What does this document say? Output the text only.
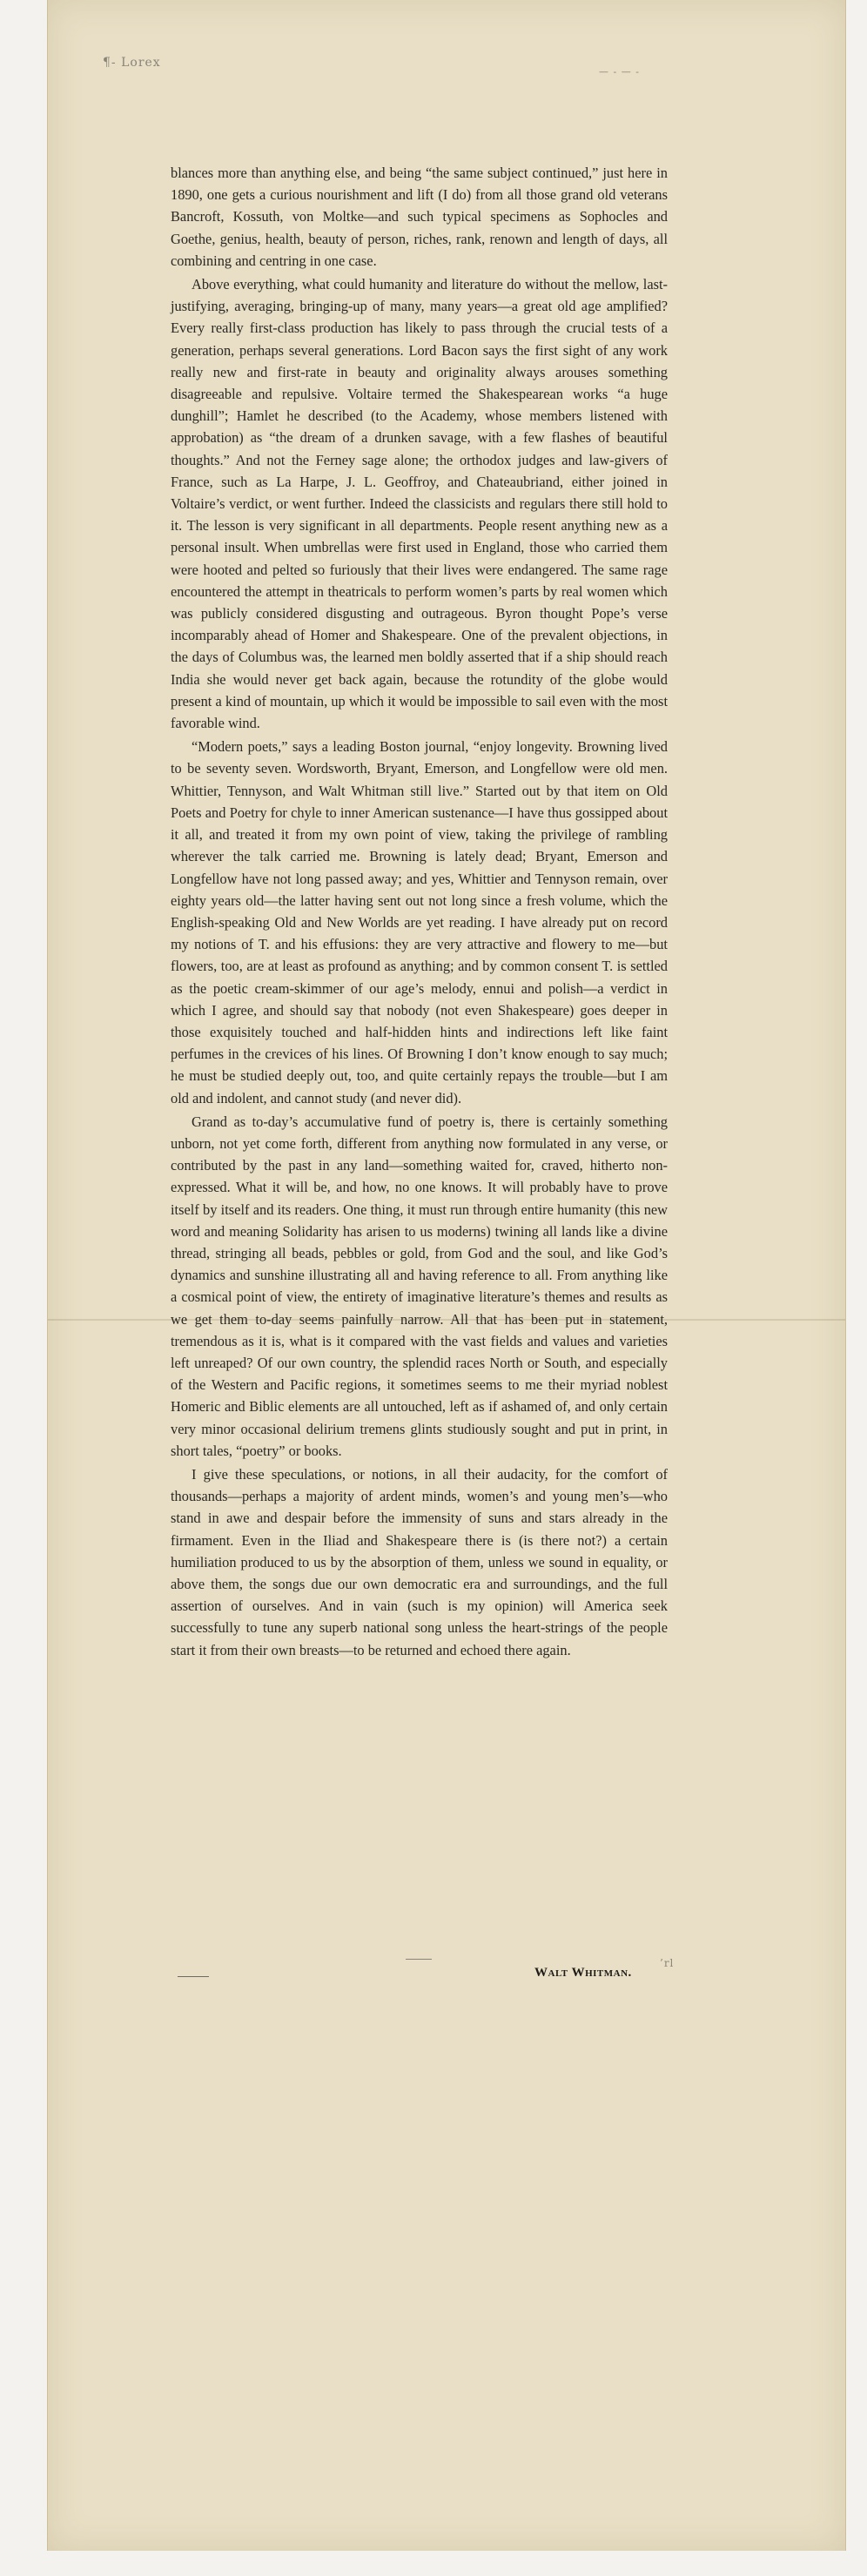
¶- Lorex
— - — -

blances more than anything else, and being “the same subject continued,” just here in 1890, one gets a curious nourishment and lift (I do) from all those grand old veterans Bancroft, Kossuth, von Moltke—and such typical specimens as Sophocles and Goethe, genius, health, beauty of person, riches, rank, renown and length of days, all combining and centring in one case.

Above everything, what could humanity and literature do without the mellow, last-justifying, averaging, bringing-up of many, many years—a great old age amplified? Every really first-class production has likely to pass through the crucial tests of a generation, perhaps several generations. Lord Bacon says the first sight of any work really new and first-rate in beauty and originality always arouses something disagreeable and repulsive. Voltaire termed the Shakespearean works “a huge dunghill”; Hamlet he described (to the Academy, whose members listened with approbation) as “the dream of a drunken savage, with a few flashes of beautiful thoughts.” And not the Ferney sage alone; the orthodox judges and law-givers of France, such as La Harpe, J. L. Geoffroy, and Chateaubriand, either joined in Voltaire’s verdict, or went further. Indeed the classicists and regulars there still hold to it. The lesson is very significant in all departments. People resent anything new as a personal insult. When umbrellas were first used in England, those who carried them were hooted and pelted so furiously that their lives were endangered. The same rage encountered the attempt in theatricals to perform women’s parts by real women which was publicly considered disgusting and outrageous. Byron thought Pope’s verse incomparably ahead of Homer and Shakespeare. One of the prevalent objections, in the days of Columbus was, the learned men boldly asserted that if a ship should reach India she would never get back again, because the rotundity of the globe would present a kind of mountain, up which it would be impossible to sail even with the most favorable wind.

“Modern poets,” says a leading Boston journal, “enjoy longevity. Browning lived to be seventy seven. Wordsworth, Bryant, Emerson, and Longfellow were old men. Whittier, Tennyson, and Walt Whitman still live.” Started out by that item on Old Poets and Poetry for chyle to inner American sustenance—I have thus gossipped about it all, and treated it from my own point of view, taking the privilege of rambling wherever the talk carried me. Browning is lately dead; Bryant, Emerson and Longfellow have not long passed away; and yes, Whittier and Tennyson remain, over eighty years old—the latter having sent out not long since a fresh volume, which the English-speaking Old and New Worlds are yet reading. I have already put on record my notions of T. and his effusions: they are very attractive and flowery to me—but flowers, too, are at least as profound as anything; and by common consent T. is settled as the poetic cream-skimmer of our age’s melody, ennui and polish—a verdict in which I agree, and should say that nobody (not even Shakespeare) goes deeper in those exquisitely touched and half-hidden hints and indirections left like faint perfumes in the crevices of his lines. Of Browning I don’t know enough to say much; he must be studied deeply out, too, and quite certainly repays the trouble—but I am old and indolent, and cannot study (and never did).

Grand as to-day’s accumulative fund of poetry is, there is certainly something unborn, not yet come forth, different from anything now formulated in any verse, or contributed by the past in any land—something waited for, craved, hitherto non-expressed. What it will be, and how, no one knows. It will probably have to prove itself by itself and its readers. One thing, it must run through entire humanity (this new word and meaning Solidarity has arisen to us moderns) twining all lands like a divine thread, stringing all beads, pebbles or gold, from God and the soul, and like God’s dynamics and sunshine illustrating all and having reference to all. From anything like a cosmical point of view, the entirety of imaginative literature’s themes and results as we get them to-day seems painfully narrow. All that has been put in statement, tremendous as it is, what is it compared with the vast fields and values and varieties left unreaped? Of our own country, the splendid races North or South, and especially of the Western and Pacific regions, it sometimes seems to me their myriad noblest Homeric and Biblic elements are all untouched, left as if ashamed of, and only certain very minor occasional delirium tremens glints studiously sought and put in print, in short tales, “poetry” or books.

I give these speculations, or notions, in all their audacity, for the comfort of thousands—perhaps a majority of ardent minds, women’s and young men’s—who stand in awe and despair before the immensity of suns and stars already in the firmament. Even in the Iliad and Shakespeare there is (is there not?) a certain humiliation produced to us by the absorption of them, unless we sound in equality, or above them, the songs due our own democratic era and surroundings, and the full assertion of ourselves. And in vain (such is my opinion) will America seek successfully to tune any superb national song unless the heart-strings of the people start it from their own breasts—to be returned and echoed there again.

Walt Whitman.
’rl
